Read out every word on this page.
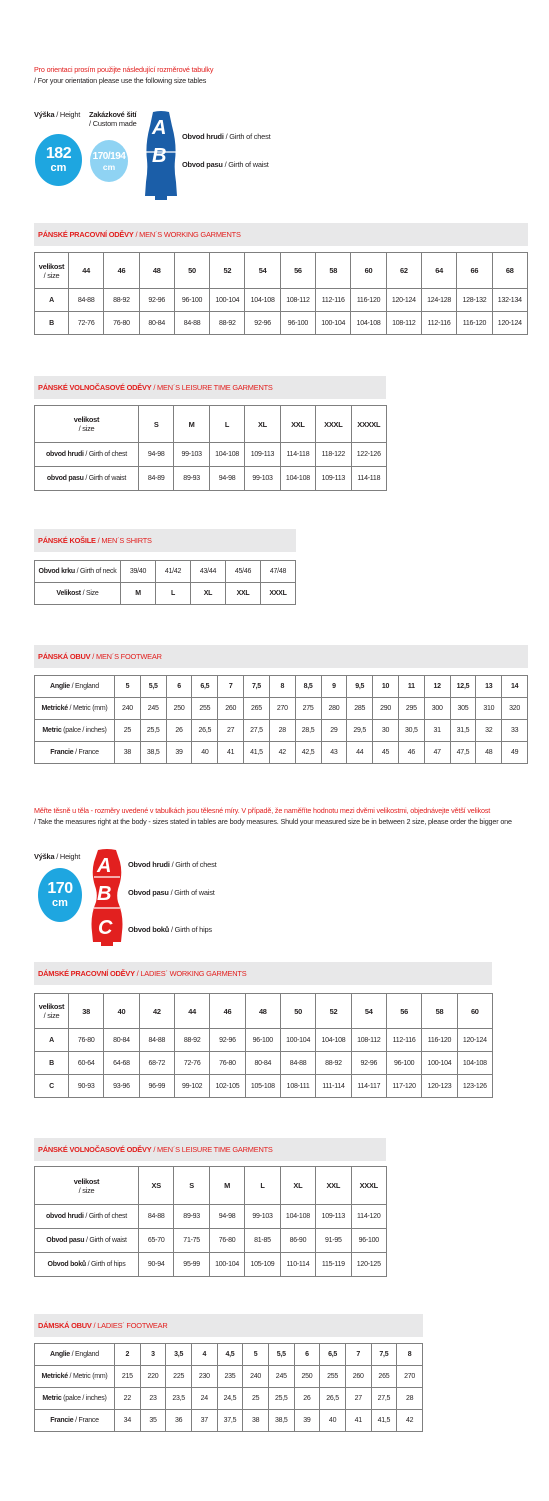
Pro orientaci prosím použijte následující rozměrové tabulky
/ For your orientation please use the following size tables
Výška / Height Zakázkové šití
/ Custom made
182
cm
170/194
cm
A
B
Obvod hrudi / Girth of chest
Obvod pasu / Girth of waist
PÁNSKÉ PRACOVNÍ ODĚVY / MEN´S WORKING GARMENTS
velikost
/ size	44	46	48	50	52	54	56	58	60	62	64	66	68
A	84-88	88-92	92-96	96-100	100-104	104-108	108-112	112-116	116-120	120-124	124-128	128-132	132-134
B	72-76	76-80	80-84	84-88	88-92	92-96	96-100	100-104	104-108	108-112	112-116	116-120	120-124
PÁNSKÉ VOLNOČASOVÉ ODĚVY / MEN´S LEISURE TIME GARMENTS
velikost
/ size	S	M	L	XL	XXL	XXXL	XXXXL
obvod hrudi / Girth of chest	94-98	99-103	104-108	109-113	114-118	118-122	122-126
obvod pasu / Girth of waist	84-89	89-93	94-98	99-103	104-108	109-113	114-118
PÁNSKÉ KOŠILE / MEN´S SHIRTS
Obvod krku / Girth of neck	39/40	41/42	43/44	45/46	47/48
Velikost / Size	M	L	XL	XXL	XXXL
PÁNSKÁ OBUV / MEN´S FOOTWEAR
Anglie / England	5	5,5	6	6,5	7	7,5	8	8,5	9	9,5	10	11	12	12,5	13	14
Metrické / Metric (mm)	240	245	250	255	260	265	270	275	280	285	290	295	300	305	310	320
Metric (palce / inches)	25	25,5	26	26,5	27	27,5	28	28,5	29	29,5	30	30,5	31	31,5	32	33
Francie / France	38	38,5	39	40	41	41,5	42	42,5	43	44	45	46	47	47,5	48	49
Měřte těsně u těla - rozměry uvedené v tabulkách jsou tělesné míry. V případě, že naměříte hodnotu mezi dvěmi velikostmi, objednávejte větší velikost
/ Take the measures right at the body - sizes stated in tables are body measures. Shuld your measured size be in between 2 size, please order the bigger one
Výška / Height
170
cm
A
B
C
Obvod hrudi / Girth of chest
Obvod pasu / Girth of waist
Obvod boků / Girth of hips
DÁMSKÉ PRACOVNÍ ODĚVY / LADIES´ WORKING GARMENTS
velikost
/ size	38	40	42	44	46	48	50	52	54	56	58	60
A	76-80	80-84	84-88	88-92	92-96	96-100	100-104	104-108	108-112	112-116	116-120	120-124
B	60-64	64-68	68-72	72-76	76-80	80-84	84-88	88-92	92-96	96-100	100-104	104-108
C	90-93	93-96	96-99	99-102	102-105	105-108	108-111	111-114	114-117	117-120	120-123	123-126
PÁNSKÉ VOLNOČASOVÉ ODĚVY / MEN´S LEISURE TIME GARMENTS
velikost
/ size	XS	S	M	L	XL	XXL	XXXL
obvod hrudi / Girth of chest	84-88	89-93	94-98	99-103	104-108	109-113	114-120
Obvod pasu / Girth of waist	65-70	71-75	76-80	81-85	86-90	91-95	96-100
Obvod boků / Girth of hips	90-94	95-99	100-104	105-109	110-114	115-119	120-125
DÁMSKÁ OBUV / LADIES´ FOOTWEAR
Anglie / England	2	3	3,5	4	4,5	5	5,5	6	6,5	7	7,5	8
Metrické / Metric (mm)	215	220	225	230	235	240	245	250	255	260	265	270
Metric (palce / inches)	22	23	23,5	24	24,5	25	25,5	26	26,5	27	27,5	28
Francie / France	34	35	36	37	37,5	38	38,5	39	40	41	41,5	42
